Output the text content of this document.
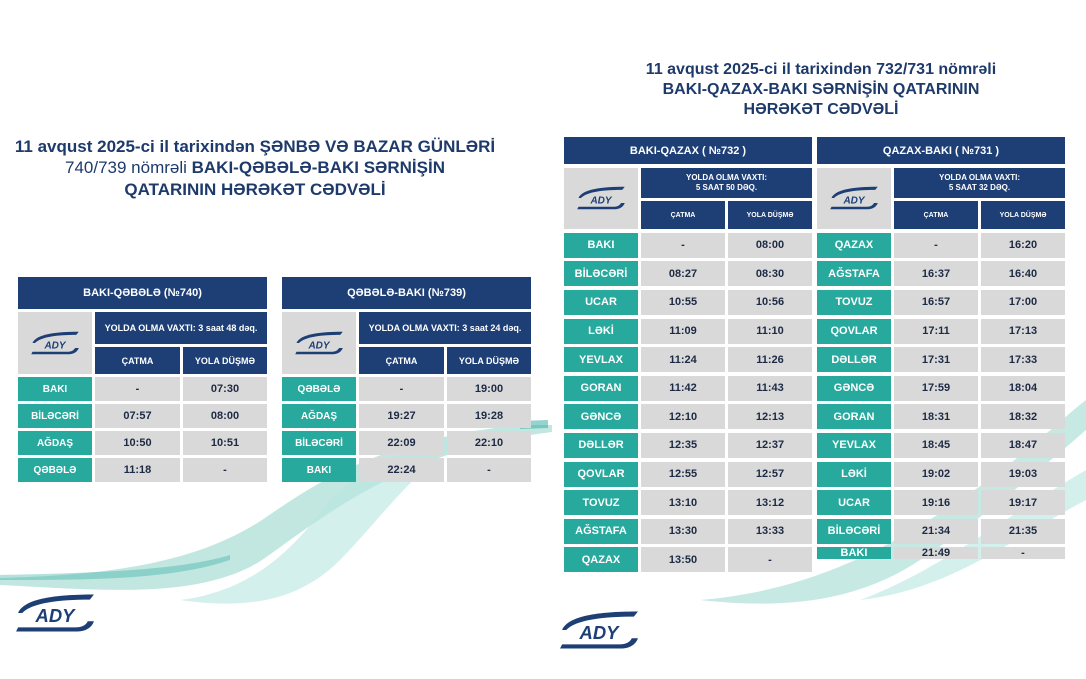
11 avqust 2025-ci il tarixindən ŞƏNBƏ VƏ BAZAR GÜNLƏRİ
740/739 nömrəli BAKI-QƏBƏLƏ-BAKI SƏRNİŞİN
QATARININ HƏRƏKƏT CƏDVƏLİ
11 avqust 2025-ci il tarixindən 732/731 nömrəli
BAKI-QAZAX-BAKI SƏRNİŞİN QATARININ
HƏRƏKƏT CƏDVƏLİ
BAKI-QƏBƏLƏ (№740)
ADY
YOLDA OLMA VAXTI: 3 saat 48 dəq.
ÇATMA	YOLA DÜŞMƏ
BAKI	-	07:30
BİLƏCƏRİ	07:57	08:00
AĞDAŞ	10:50	10:51
QƏBƏLƏ	11:18	-
QƏBƏLƏ-BAKI (№739)
ADY
YOLDA OLMA VAXTI: 3 saat 24 dəq.
ÇATMA	YOLA DÜŞMƏ
QƏBƏLƏ	-	19:00
AĞDAŞ	19:27	19:28
BİLƏCƏRİ	22:09	22:10
BAKI	22:24	-
BAKI-QAZAX ( №732 )
ADY
YOLDA OLMA VAXTI:
5 SAAT 50 DƏQ.
ÇATMA	YOLA DÜŞMƏ
BAKI	-	08:00
BİLƏCƏRİ	08:27	08:30
UCAR	10:55	10:56
LƏKİ	11:09	11:10
YEVLAX	11:24	11:26
GORAN	11:42	11:43
GƏNCƏ	12:10	12:13
DƏLLƏR	12:35	12:37
QOVLAR	12:55	12:57
TOVUZ	13:10	13:12
AĞSTAFA	13:30	13:33
QAZAX	13:50	-
QAZAX-BAKI ( №731 )
ADY
YOLDA OLMA VAXTI:
5 SAAT 32 DƏQ.
ÇATMA	YOLA DÜŞMƏ
QAZAX	-	16:20
AĞSTAFA	16:37	16:40
TOVUZ	16:57	17:00
QOVLAR	17:11	17:13
DƏLLƏR	17:31	17:33
GƏNCƏ	17:59	18:04
GORAN	18:31	18:32
YEVLAX	18:45	18:47
LƏKİ	19:02	19:03
UCAR	19:16	19:17
BİLƏCƏRİ	21:34	21:35
BAKI	21:49	-
ADY
ADY
